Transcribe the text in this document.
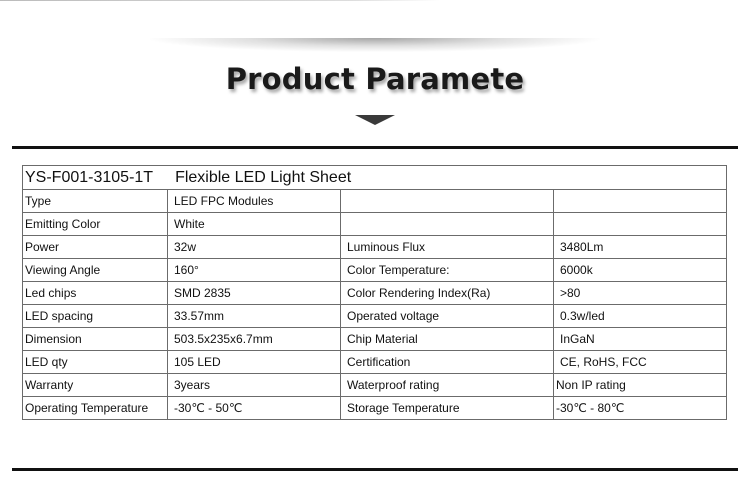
Product Paramete
YS-F001-3105-1T Flexible LED Light Sheet			
Type	LED FPC Modules		
Emitting Color	White		
Power	32w	Luminous Flux	3480Lm
Viewing Angle	160°	Color Temperature:	6000k
Led chips	SMD 2835	Color Rendering Index(Ra)	>80
LED spacing	33.57mm	Operated voltage	0.3w/led
Dimension	503.5x235x6.7mm	Chip Material	InGaN
LED qty	105 LED	Certification	CE, RoHS, FCC
Warranty	3years	Waterproof rating	Non IP rating
Operating Temperature	-30℃ - 50℃	Storage Temperature	-30℃ - 80℃
